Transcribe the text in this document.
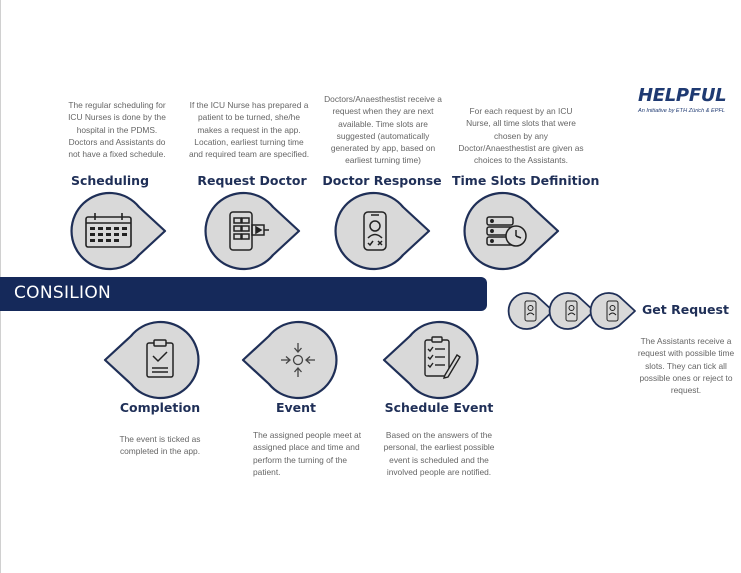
HELPFUL
An Initiative by ETH Zürich & EPFL
The regular scheduling for ICU Nurses is done by the hospital in the PDMS. Doctors and Assistants do not have a fixed schedule.
If the ICU Nurse has prepared a patient to be turned, she/he makes a request in the app. Location, earliest turning time and required team are specified.
Doctors/Anaesthestist receive a request when they are next available. Time slots are suggested (automatically generated by app, based on earliest turning time)
For each request by an ICU Nurse, all time slots that were chosen by any Doctor/Anaesthestist are given as choices to the Assistants.
Scheduling	Request Doctor	Doctor Response Time Slots Definition
CONSILION
Get Request
The Assistants receive a request with possible time slots. They can tick all possible ones or reject to request.
Completion	Event	Schedule Event
The event is ticked as completed in the app.
The assigned people meet at assigned place and time and perform the turning of the patient.
Based on the answers of the personal, the earliest possible event is scheduled and the involved people are notified.
